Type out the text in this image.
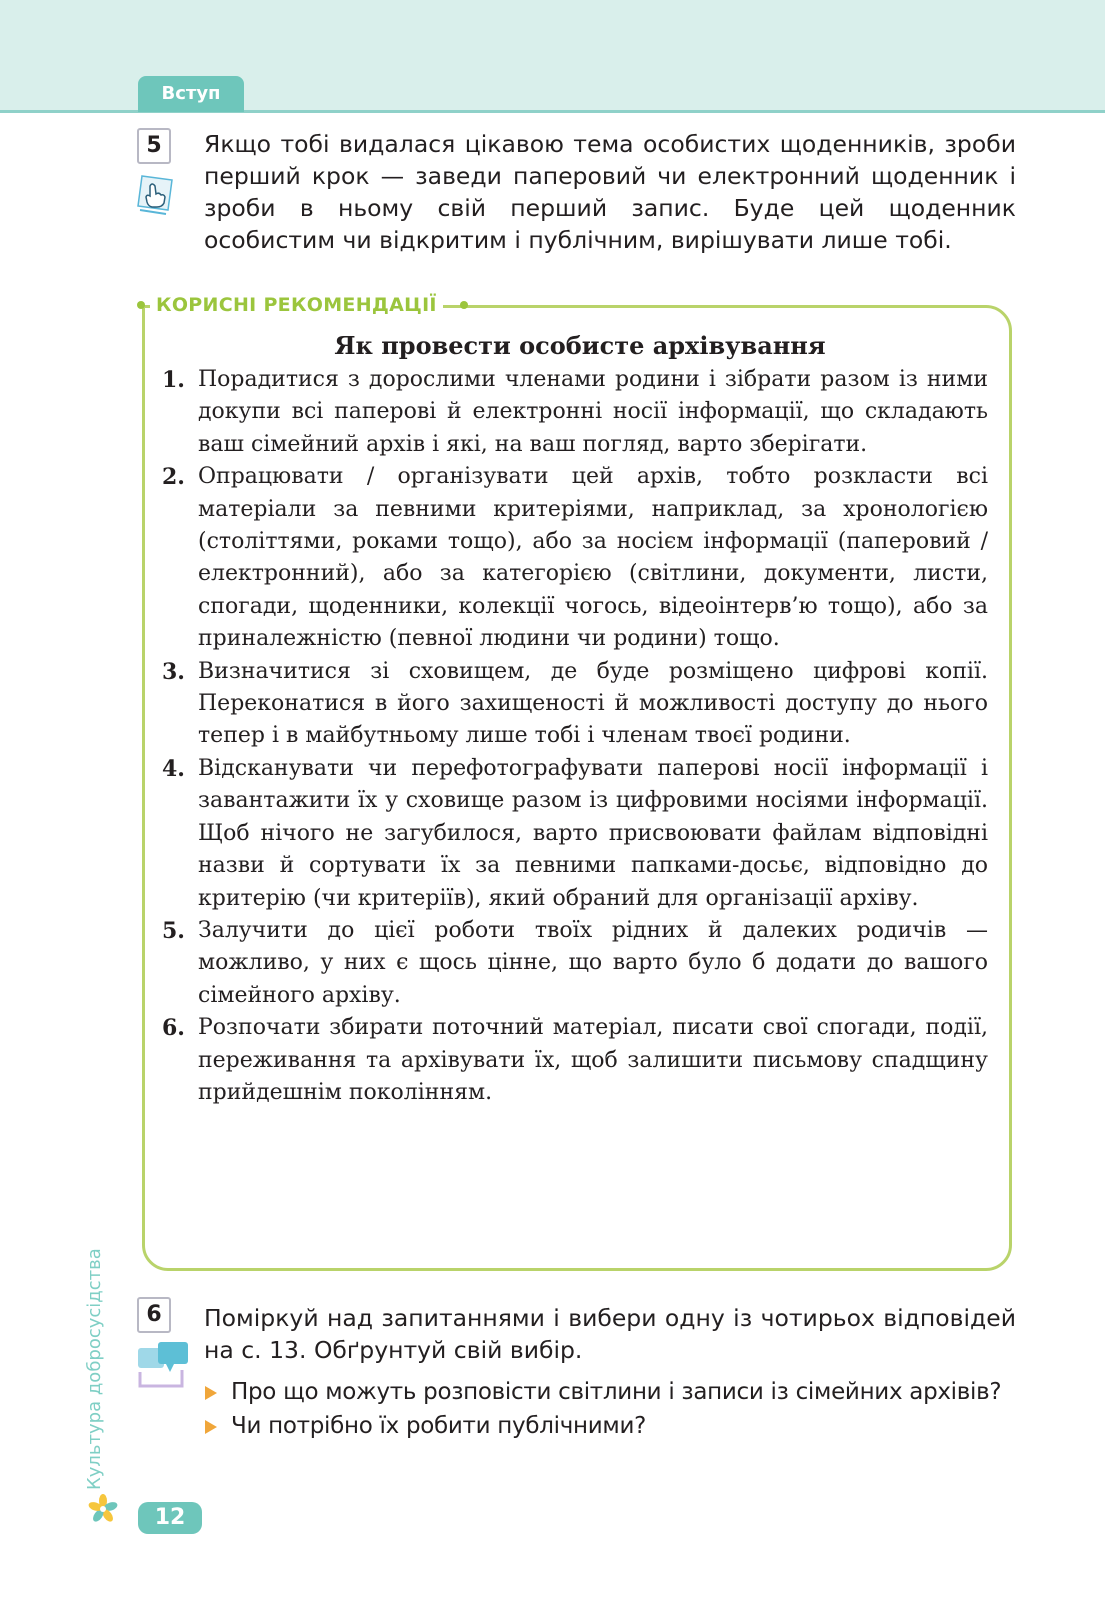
Вступ
5	Якщо тобі видалася цікавою тема особистих щоденників, зроби перший крок — заведи паперовий чи електронний щоденник і зроби в ньому свій перший запис. Буде цей щоденник особистим чи відкритим і публічним, вирішувати лише тобі.
КОРИСНІ РЕКОМЕНДАЦІЇ
Як провести особисте архівування
1. Порадитися з дорослими членами родини і зібрати разом із ними докупи всі паперові й електронні носії інформації, що складають ваш сімейний архів і які, на ваш погляд, варто зберігати.
2. Опрацювати / організувати цей архів, тобто розкласти всі матеріали за певними критеріями, наприклад, за хронологією (століттями, роками тощо), або за носієм інформації (паперовий / електронний), або за категорією (світлини, документи, листи, спогади, щоденники, колекції чогось, відеоінтерв’ю тощо), або за приналежністю (певної людини чи родини) тощо.
3. Визначитися зі сховищем, де буде розміщено цифрові копії. Переконатися в його захищеності й можливості доступу до нього тепер і в майбутньому лише тобі і членам твоєї родини.
4. Відсканувати чи перефотографувати паперові носії інформації і завантажити їх у сховище разом із цифровими носіями інформації. Щоб нічого не загубилося, варто присвоювати файлам відповідні назви й сортувати їх за певними папками-досьє, відповідно до критерію (чи критеріїв), який обраний для організації архіву.
5. Залучити до цієї роботи твоїх рідних й далеких родичів — можливо, у них є щось цінне, що варто було б додати до вашого сімейного архіву.
6. Розпочати збирати поточний матеріал, писати свої спогади, події, переживання та архівувати їх, щоб залишити письмову спадщину прийдешнім поколінням.
6	Поміркуй над запитаннями і вибери одну із чотирьох відповідей на с. 13. Обґрунтуй свій вибір.
Про що можуть розповісти світлини і записи із сімейних архівів?
Чи потрібно їх робити публічними?
Культура добросусідства
12
